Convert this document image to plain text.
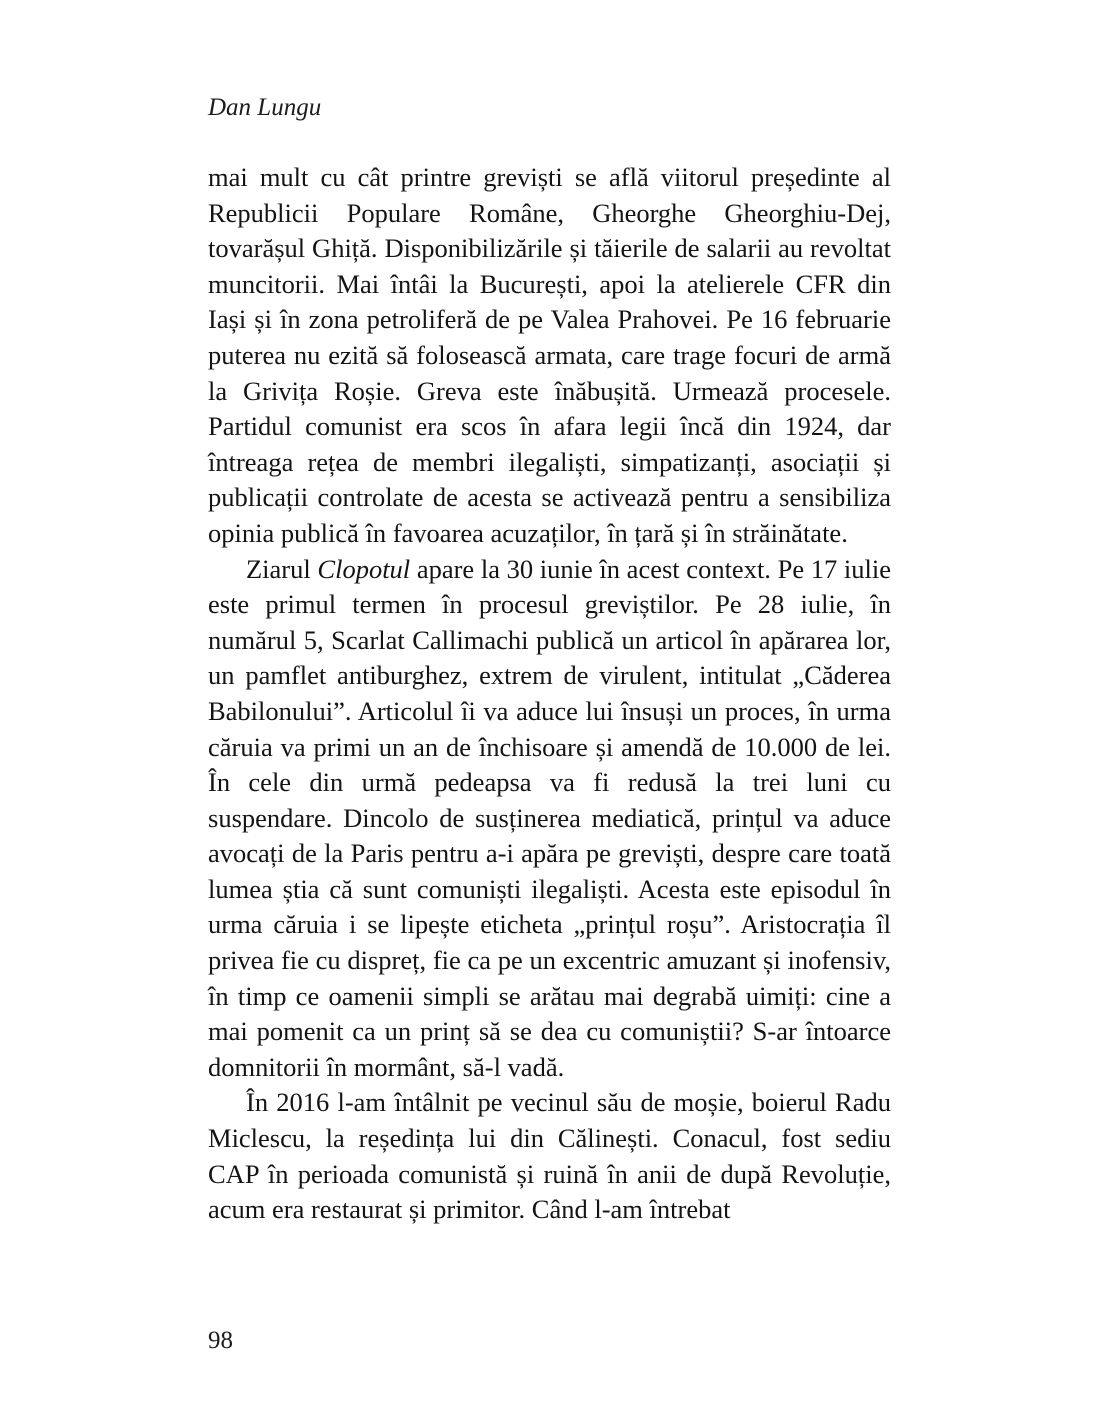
Dan Lungu

mai mult cu cât printre greviști se află viitorul președinte al Republicii Populare Române, Gheorghe Gheorghiu-Dej, tovarășul Ghiță. Disponibilizările și tăierile de salarii au revoltat muncitorii. Mai întâi la București, apoi la atelierele CFR din Iași și în zona petroliferă de pe Valea Prahovei. Pe 16 februarie puterea nu ezită să folosească armata, care trage focuri de armă la Grivița Roșie. Greva este înăbușită. Urmează procesele. Partidul comunist era scos în afara legii încă din 1924, dar întreaga rețea de membri ilegaliști, simpatizanți, asociații și publicații controlate de acesta se activează pentru a sensibiliza opinia publică în favoarea acuzaților, în țară și în străinătate.

Ziarul Clopotul apare la 30 iunie în acest context. Pe 17 iulie este primul termen în procesul greviștilor. Pe 28 iulie, în numărul 5, Scarlat Callimachi publică un articol în apărarea lor, un pamflet antiburghez, extrem de virulent, intitulat „Căderea Babilonului”. Articolul îi va aduce lui însuși un proces, în urma căruia va primi un an de închisoare și amendă de 10.000 de lei. În cele din urmă pedeapsa va fi redusă la trei luni cu suspendare. Dincolo de susținerea mediatică, prințul va aduce avocați de la Paris pentru a-i apăra pe greviști, despre care toată lumea știa că sunt comuniști ilegaliști. Acesta este episodul în urma căruia i se lipește eticheta „prințul roșu”. Aristocrația îl privea fie cu dispreț, fie ca pe un excentric amuzant și inofensiv, în timp ce oamenii simpli se arătau mai degrabă uimiți: cine a mai pomenit ca un prinț să se dea cu comuniștii? S-ar întoarce domnitorii în mormânt, să-l vadă.

În 2016 l-am întâlnit pe vecinul său de moșie, boierul Radu Miclescu, la reședința lui din Călinești. Conacul, fost sediu CAP în perioada comunistă și ruină în anii de după Revoluție, acum era restaurat și primitor. Când l-am întrebat

98
